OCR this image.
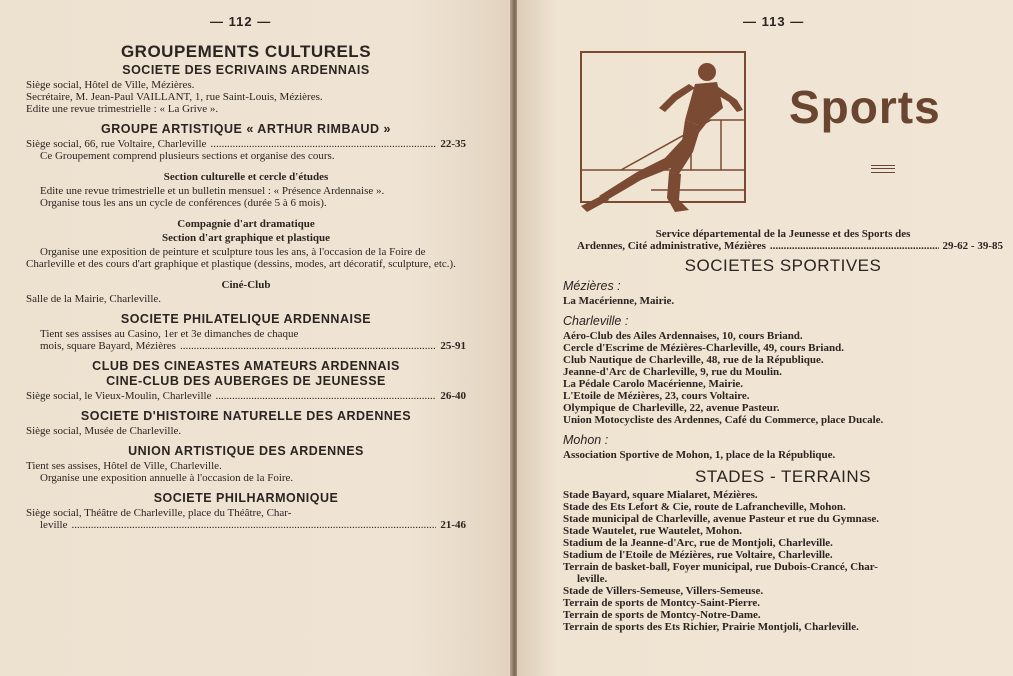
— 112 —
GROUPEMENTS CULTURELS
SOCIETE DES ECRIVAINS ARDENNAIS

Siège social, Hôtel de Ville, Mézières.

Secrétaire, M. Jean-Paul VAILLANT, 1, rue Saint-Louis, Mézières.

Edite une revue trimestrielle : « La Grive ».

GROUPE ARTISTIQUE « ARTHUR RIMBAUD »
Siège social, 66, rue Voltaire, Charleville .....	22-35

Ce Groupement comprend plusieurs sections et organise des cours.

Section culturelle et cercle d'études

Edite une revue trimestrielle et un bulletin mensuel : « Présence Ardennaise ».

Organise tous les ans un cycle de conférences (durée 5 à 6 mois).

Compagnie d'art dramatique
Section d'art graphique et plastique

Organise une exposition de peinture et sculpture tous les ans, à l'occasion de la Foire de Charleville et des cours d'art graphique et plastique (dessins, modes, art décoratif, sculpture, etc.).

Ciné-Club

Salle de la Mairie, Charleville.

SOCIETE PHILATELIQUE ARDENNAISE

Tient ses assises au Casino, 1er et 3e dimanches de chaque

mois, square Bayard, Mézières .....	25-91
CLUB DES CINEASTES AMATEURS ARDENNAIS
CINE-CLUB DES AUBERGES DE JEUNESSE
Siège social, le Vieux-Moulin, Charleville .....	26-40
SOCIETE D'HISTOIRE NATURELLE DES ARDENNES

Siège social, Musée de Charleville.

UNION ARTISTIQUE DES ARDENNES

Tient ses assises, Hôtel de Ville, Charleville.

Organise une exposition annuelle à l'occasion de la Foire.

SOCIETE PHILHARMONIQUE

Siège social, Théâtre de Charleville, place du Théâtre, Char-

leville .....	21-46
— 113 —
Sports

Service départemental de la Jeunesse et des Sports des

Ardennes, Cité administrative, Mézières .....	29-62 - 39-85
SOCIETES SPORTIVES
Mézières :

La Macérienne, Mairie.

Charleville :

Aéro-Club des Ailes Ardennaises, 10, cours Briand.

Cercle d'Escrime de Mézières-Charleville, 49, cours Briand.

Club Nautique de Charleville, 48, rue de la République.

Jeanne-d'Arc de Charleville, 9, rue du Moulin.

La Pédale Carolo Macérienne, Mairie.

L'Etoile de Mézières, 23, cours Voltaire.

Olympique de Charleville, 22, avenue Pasteur.

Union Motocycliste des Ardennes, Café du Commerce, place Ducale.

Mohon :

Association Sportive de Mohon, 1, place de la République.

STADES - TERRAINS

Stade Bayard, square Mialaret, Mézières.

Stade des Ets Lefort & Cie, route de Lafrancheville, Mohon.

Stade municipal de Charleville, avenue Pasteur et rue du Gymnase.

Stade Wautelet, rue Wautelet, Mohon.

Stadium de la Jeanne-d'Arc, rue de Montjoli, Charleville.

Stadium de l'Etoile de Mézières, rue Voltaire, Charleville.

Terrain de basket-ball, Foyer municipal, rue Dubois-Crancé, Char-

leville.

Stade de Villers-Semeuse, Villers-Semeuse.

Terrain de sports de Montcy-Saint-Pierre.

Terrain de sports de Montcy-Notre-Dame.

Terrain de sports des Ets Richier, Prairie Montjoli, Charleville.
